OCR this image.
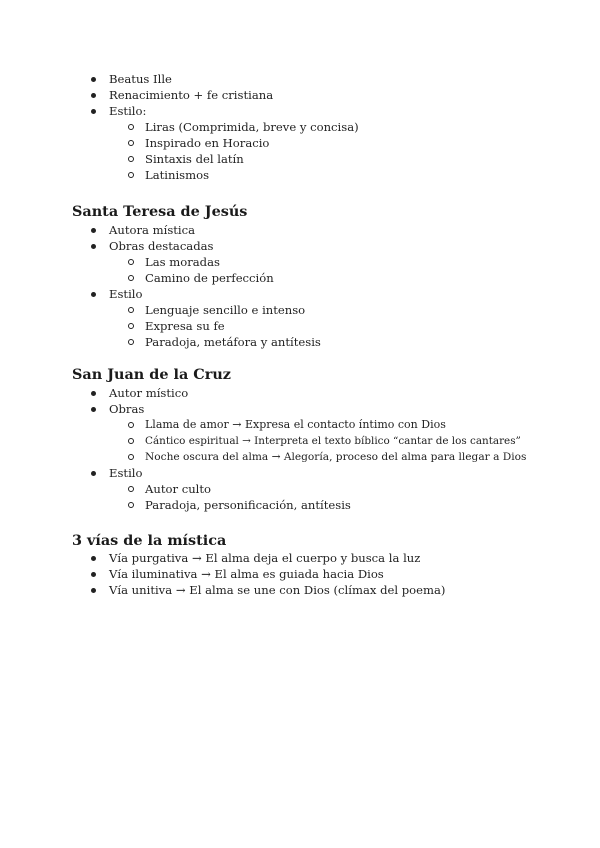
Beatus Ille
Renacimiento + fe cristiana
Estilo:
Liras (Comprimida, breve y concisa)
Inspirado en Horacio
Sintaxis del latín
Latinismos
Santa Teresa de Jesús
Autora mística
Obras destacadas
Las moradas
Camino de perfección
Estilo
Lenguaje sencillo e intenso
Expresa su fe
Paradoja, metáfora y antítesis
San Juan de la Cruz
Autor místico
Obras
Llama de amor → Expresa el contacto íntimo con Dios
Cántico espiritual → Interpreta el texto bíblico “cantar de los cantares”
Noche oscura del alma → Alegoría, proceso del alma para llegar a Dios
Estilo
Autor culto
Paradoja, personificación, antítesis
3 vías de la mística
Vía purgativa → El alma deja el cuerpo y busca la luz
Vía iluminativa → El alma es guiada hacia Dios
Vía unitiva → El alma se une con Dios (clímax del poema)
